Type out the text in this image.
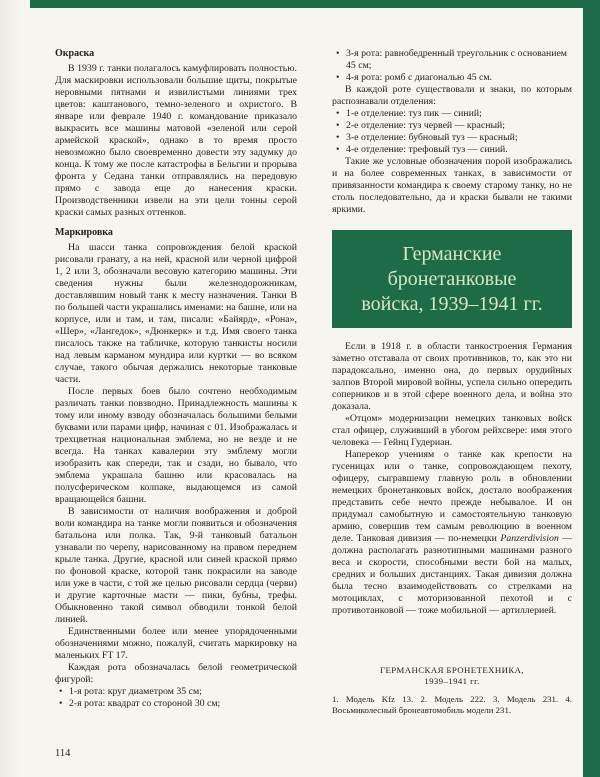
Окраска

В 1939 г. танки полагалось камуфлировать полностью. Для маскировки использовали большие щиты, покрытые неровными пятнами и извилистыми линиями трех цветов: каштанового, темно-зеленого и охристого. В январе или феврале 1940 г. командование приказало выкрасить все машины матовой «зеленой или серой армейской краской», однако в то время просто невозможно было своевременно довести эту задумку до конца. К тому же после катастрофы в Бельгии и прорыва фронта у Седана танки отправлялись на передовую прямо с завода еще до нанесения краски. Производственники извели на эти цели тонны серой краски самых разных оттенков.

Маркировка

На шасси танка сопровождения белой краской рисовали гранату, а на ней, красной или черной цифрой 1, 2 или 3, обозначали весовую категорию машины. Эти сведения нужны были железнодорожникам, доставлявшим новый танк к месту назначения. Танки В по большей части украшались именами: на башне, или на корпусе, или и там, и там, писали: «Байярд», «Рона», «Шер», «Лангедок», «Дюнкерк» и т.д. Имя своего танка писалось также на табличке, которую танкисты носили над левым карманом мундира или куртки — во всяком случае, такого обычая держались некоторые танковые части.

После первых боев было сочтено необходимым различать танки повзводно. Принадлежность машины к тому или иному взводу обозначалась большими белыми буквами или парами цифр, начиная с 01. Изображалась и трехцветная национальная эмблема, но не везде и не всегда. На танках кавалерии эту эмблему могли изобразить как спереди, так и сзади, но бывало, что эмблема украшала башню или красовалась на полусферическом колпаке, выдающемся из самой вращающейся башни.

В зависимости от наличия воображения и доброй воли командира на танке могли появиться и обозначения батальона или полка. Так, 9-й танковый батальон узнавали по черепу, нарисованному на правом переднем крыле танка. Другие, красной или синей краской прямо по фоновой краске, которой танк покрасили на заводе или уже в части, с той же целью рисовали сердца (черви) и другие карточные масти — пики, бубны, трефы. Обыкновенно такой символ обводили тонкой белой линией.

Единственными более или менее упорядоченными обозначениями можно, пожалуй, считать маркировку на маленьких FT 17.

Каждая рота обозначалась белой геометрической фигурой:

• 1-я рота: круг диаметром 35 см;
• 2-я рота: квадрат со стороной 30 см;
• 3-я рота: равнобедренный треугольник с основанием 45 см;
• 4-я рота: ромб с диагональю 45 см.

В каждой роте существовали и знаки, по которым распознавали отделения:

• 1-е отделение: туз пик — синий;
• 2-е отделение: туз червей — красный;
• 3-е отделение: бубновый туз — красный;
• 4-е отделение: трефовый туз — синий.

Такие же условные обозначения порой изображались и на более современных танках, в зависимости от привязанности командира к своему старому танку, но не столь последовательно, да и краски бывали не такими яркими.

Германские
бронетанковые
войска, 1939–1941 гг.

Если в 1918 г. в области танкостроения Германия заметно отставала от своих противников, то, как это ни парадоксально, именно она, до первых орудийных залпов Второй мировой войны, успела сильно опередить соперников и в этой сфере военного дела, и война это доказала.

«Отцом» модернизации немецких танковых войск стал офицер, служивший в убогом рейхсвере: имя этого человека — Гейнц Гудериан.

Наперекор учениям о танке как крепости на гусеницах или о танке, сопровождающем пехоту, офицеру, сыгравшему главную роль в обновлении немецких бронетанковых войск, достало воображения представить себе нечто прежде небывалое. И он придумал самобытную и самостоятельную танковую армию, совершив тем самым революцию в военном деле. Танковая дивизия — по-немецки Panzerdivision — должна располагать разнотипными машинами разного веса и скорости, способными вести бой на малых, средних и больших дистанциях. Такая дивизия должна была тесно взаимодействовать со стрелками на мотоциклах, с моторизованной пехотой и с противотанковой — тоже мобильной — артиллерией.

ГЕРМАНСКАЯ БРОНЕТЕХНИКА,
1939–1941 гг.

1. Модель Kfz 13. 2. Модель 222. 3. Модель 231. 4. Восьмиколесный бронеавтомобиль модели 231.

114
